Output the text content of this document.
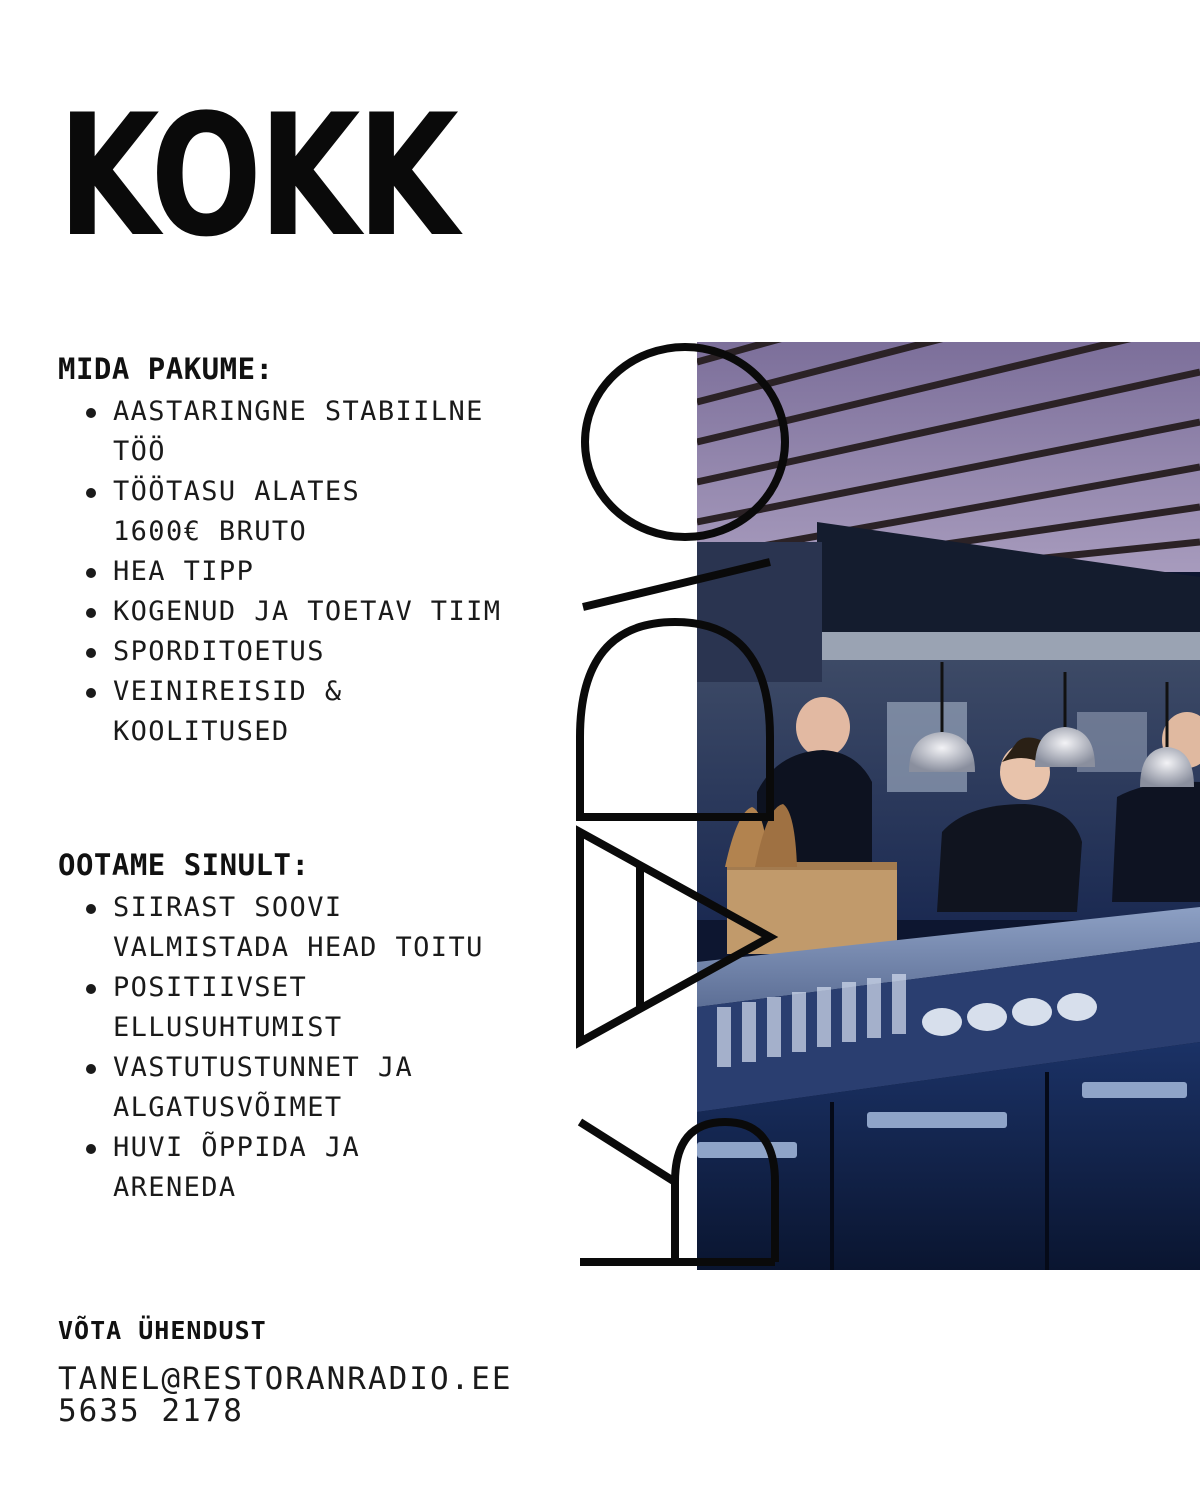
KOKK
MIDA PAKUME:
AASTARINGNE STABIILNE
TÖÖ
TÖÖTASU ALATES
1600€ BRUTO
HEA TIPP
KOGENUD JA TOETAV TIIM
SPORDITOETUS
VEINIREISID &
KOOLITUSED
OOTAME SINULT:
SIIRAST SOOVI
VALMISTADA HEAD TOITU
POSITIIVSET
ELLUSUHTUMIST
VASTUTUSTUNNET JA
ALGATUSVÕIMET
HUVI ÕPPIDA JA
ARENEDA

VÕTA ÜHENDUST

TANEL@RESTORANRADIO.EE
5635 2178
